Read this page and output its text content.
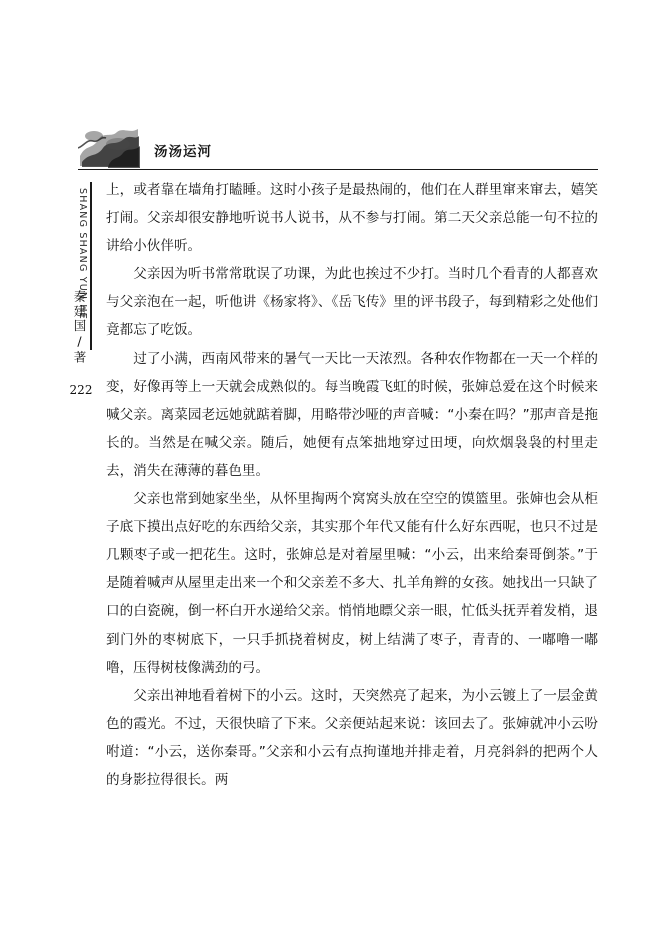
汤汤运河
SHANG SHANG YUN HE
秦建国/著
222

上，或者靠在墙角打瞌睡。这时小孩子是最热闹的，他们在人群里窜来窜去，嬉笑打闹。父亲却很安静地听说书人说书，从不参与打闹。第二天父亲总能一句不拉的讲给小伙伴听。

父亲因为听书常常耽误了功课，为此也挨过不少打。当时几个看青的人都喜欢与父亲泡在一起，听他讲《杨家将》、《岳飞传》里的评书段子，每到精彩之处他们竟都忘了吃饭。

过了小满，西南风带来的暑气一天比一天浓烈。各种农作物都在一天一个样的变，好像再等上一天就会成熟似的。每当晚霞飞虹的时候，张婶总爱在这个时候来喊父亲。离菜园老远她就踮着脚，用略带沙哑的声音喊：“小秦在吗？”那声音是拖长的。当然是在喊父亲。随后，她便有点笨拙地穿过田埂，向炊烟袅袅的村里走去，消失在薄薄的暮色里。

父亲也常到她家坐坐，从怀里掏两个窝窝头放在空空的馍篮里。张婶也会从柜子底下摸出点好吃的东西给父亲，其实那个年代又能有什么好东西呢，也只不过是几颗枣子或一把花生。这时，张婶总是对着屋里喊：“小云，出来给秦哥倒茶。”于是随着喊声从屋里走出来一个和父亲差不多大、扎羊角辫的女孩。她找出一只缺了口的白瓷碗，倒一杯白开水递给父亲。悄悄地瞟父亲一眼，忙低头抚弄着发梢，退到门外的枣树底下，一只手抓挠着树皮，树上结满了枣子，青青的、一嘟噜一嘟噜，压得树枝像满劲的弓。

父亲出神地看着树下的小云。这时，天突然亮了起来，为小云镀上了一层金黄色的霞光。不过，天很快暗了下来。父亲便站起来说：该回去了。张婶就冲小云吩咐道：“小云，送你秦哥。”父亲和小云有点拘谨地并排走着，月亮斜斜的把两个人的身影拉得很长。两
